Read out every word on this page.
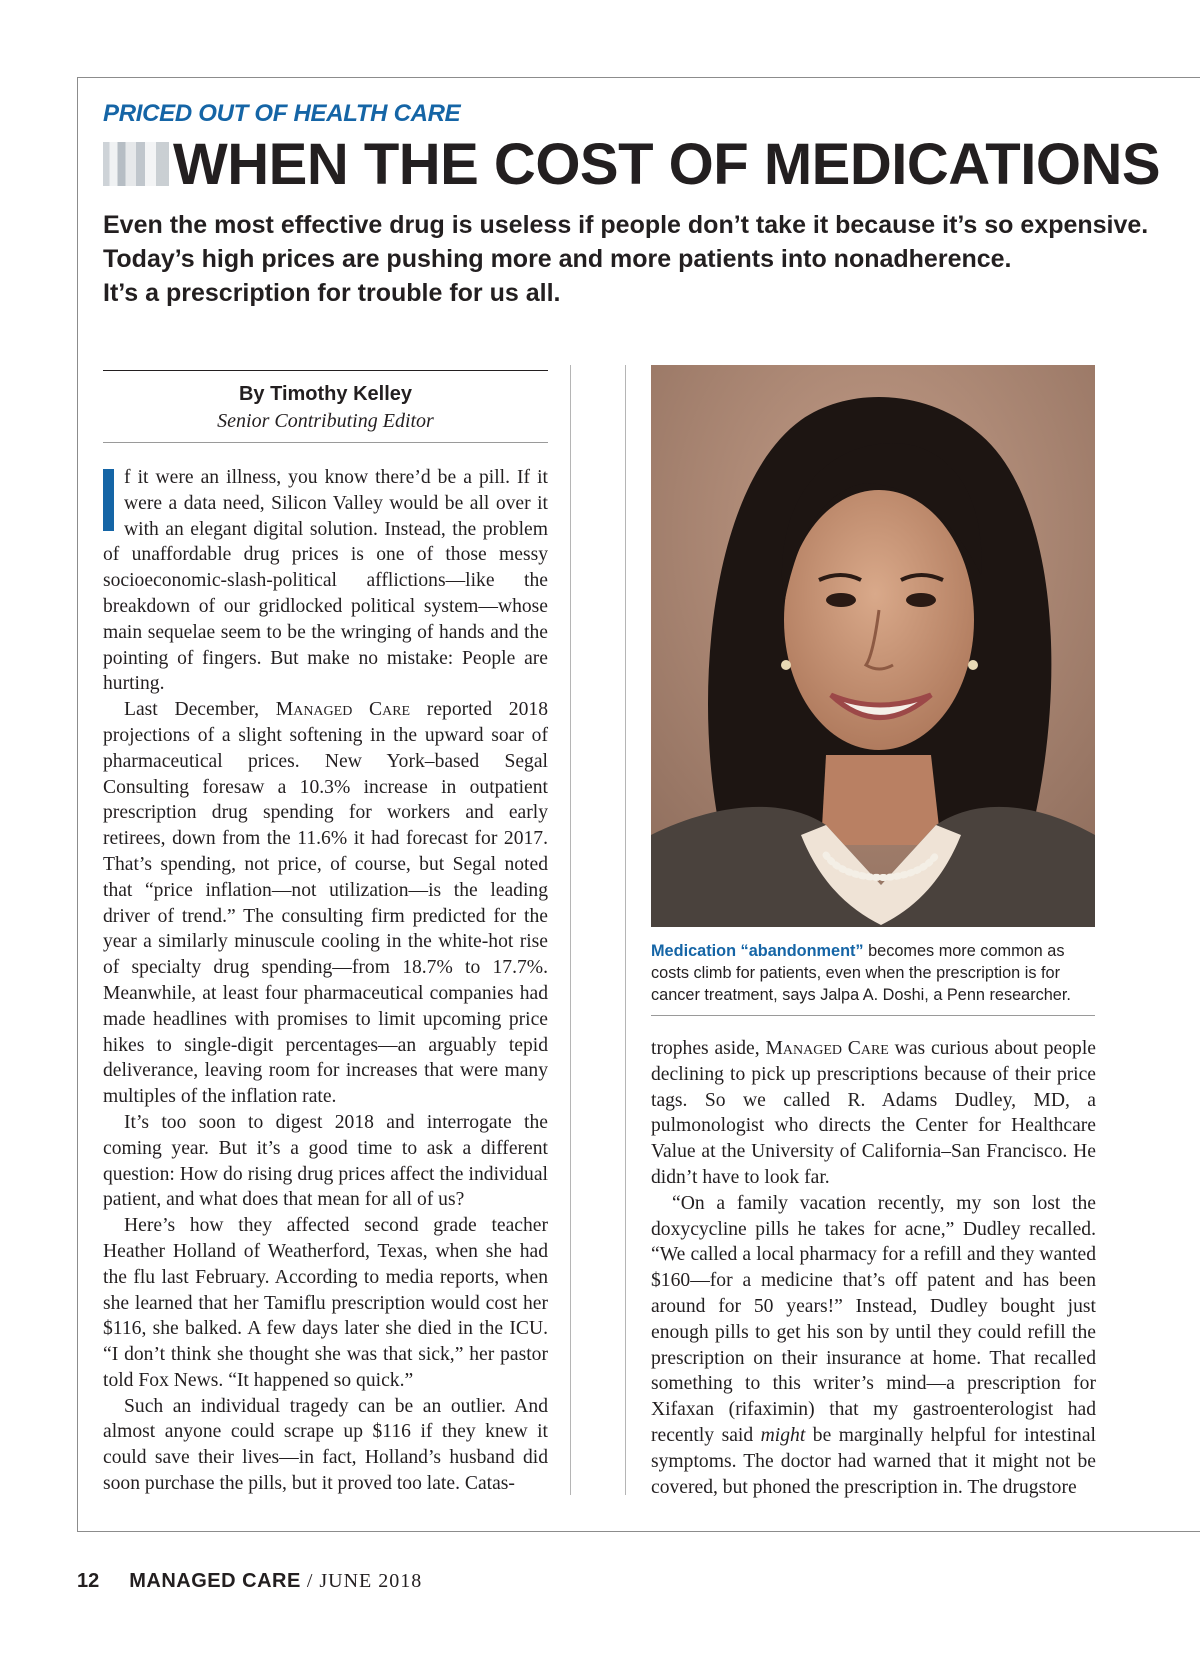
PRICED OUT OF HEALTH CARE
WHEN THE COST OF MEDICATIONS
Even the most effective drug is useless if people don’t take it because it’s so expensive.
Today’s high prices are pushing more and more patients into nonadherence.
It’s a prescription for trouble for us all.
By Timothy Kelley
Senior Contributing Editor

f it were an illness, you know there’d be a pill. If it were a data need, Silicon Valley would be all over it with an elegant digital solution. Instead, the problem of unaffordable drug prices is one of those messy socioeconomic-slash-political afflictions—like the breakdown of our gridlocked political system—whose main sequelae seem to be the wringing of hands and the pointing of fingers. But make no mistake: People are hurting.

Last December, Managed Care reported 2018 projections of a slight softening in the upward soar of pharmaceutical prices. New York–based Segal Consulting foresaw a 10.3% increase in outpatient prescription drug spending for workers and early retirees, down from the 11.6% it had forecast for 2017. That’s spending, not price, of course, but Segal noted that “price inflation—not utilization—is the leading driver of trend.” The consulting firm predicted for the year a similarly minuscule cooling in the white-hot rise of specialty drug spending—from 18.7% to 17.7%. Meanwhile, at least four pharmaceutical companies had made headlines with promises to limit upcoming price hikes to single-digit percentages—an arguably tepid deliverance, leaving room for increases that were many multiples of the inflation rate.

It’s too soon to digest 2018 and interrogate the coming year. But it’s a good time to ask a different question: How do rising drug prices affect the individual patient, and what does that mean for all of us?

Here’s how they affected second grade teacher Heather Holland of Weatherford, Texas, when she had the flu last February. According to media reports, when she learned that her Tamiflu prescription would cost her $116, she balked. A few days later she died in the ICU. “I don’t think she thought she was that sick,” her pastor told Fox News. “It happened so quick.”

Such an individual tragedy can be an outlier. And almost anyone could scrape up $116 if they knew it could save their lives—in fact, Holland’s husband did soon purchase the pills, but it proved too late. Catas-

Medication “abandonment” becomes more common as costs climb for patients, even when the prescription is for cancer treatment, says Jalpa A. Doshi, a Penn researcher.

trophes aside, Managed Care was curious about people declining to pick up prescriptions because of their price tags. So we called R. Adams Dudley, MD, a pulmonologist who directs the Center for Healthcare Value at the University of California–San Francisco. He didn’t have to look far.

“On a family vacation recently, my son lost the doxycycline pills he takes for acne,” Dudley recalled. “We called a local pharmacy for a refill and they wanted $160—for a medicine that’s off patent and has been around for 50 years!” Instead, Dudley bought just enough pills to get his son by until they could refill the prescription on their insurance at home. That recalled something to this writer’s mind—a prescription for Xifaxan (rifaximin) that my gastroenterologist had recently said might be marginally helpful for intestinal symptoms. The doctor had warned that it might not be covered, but phoned the prescription in. The drugstore

12 MANAGED CARE / JUNE 2018
